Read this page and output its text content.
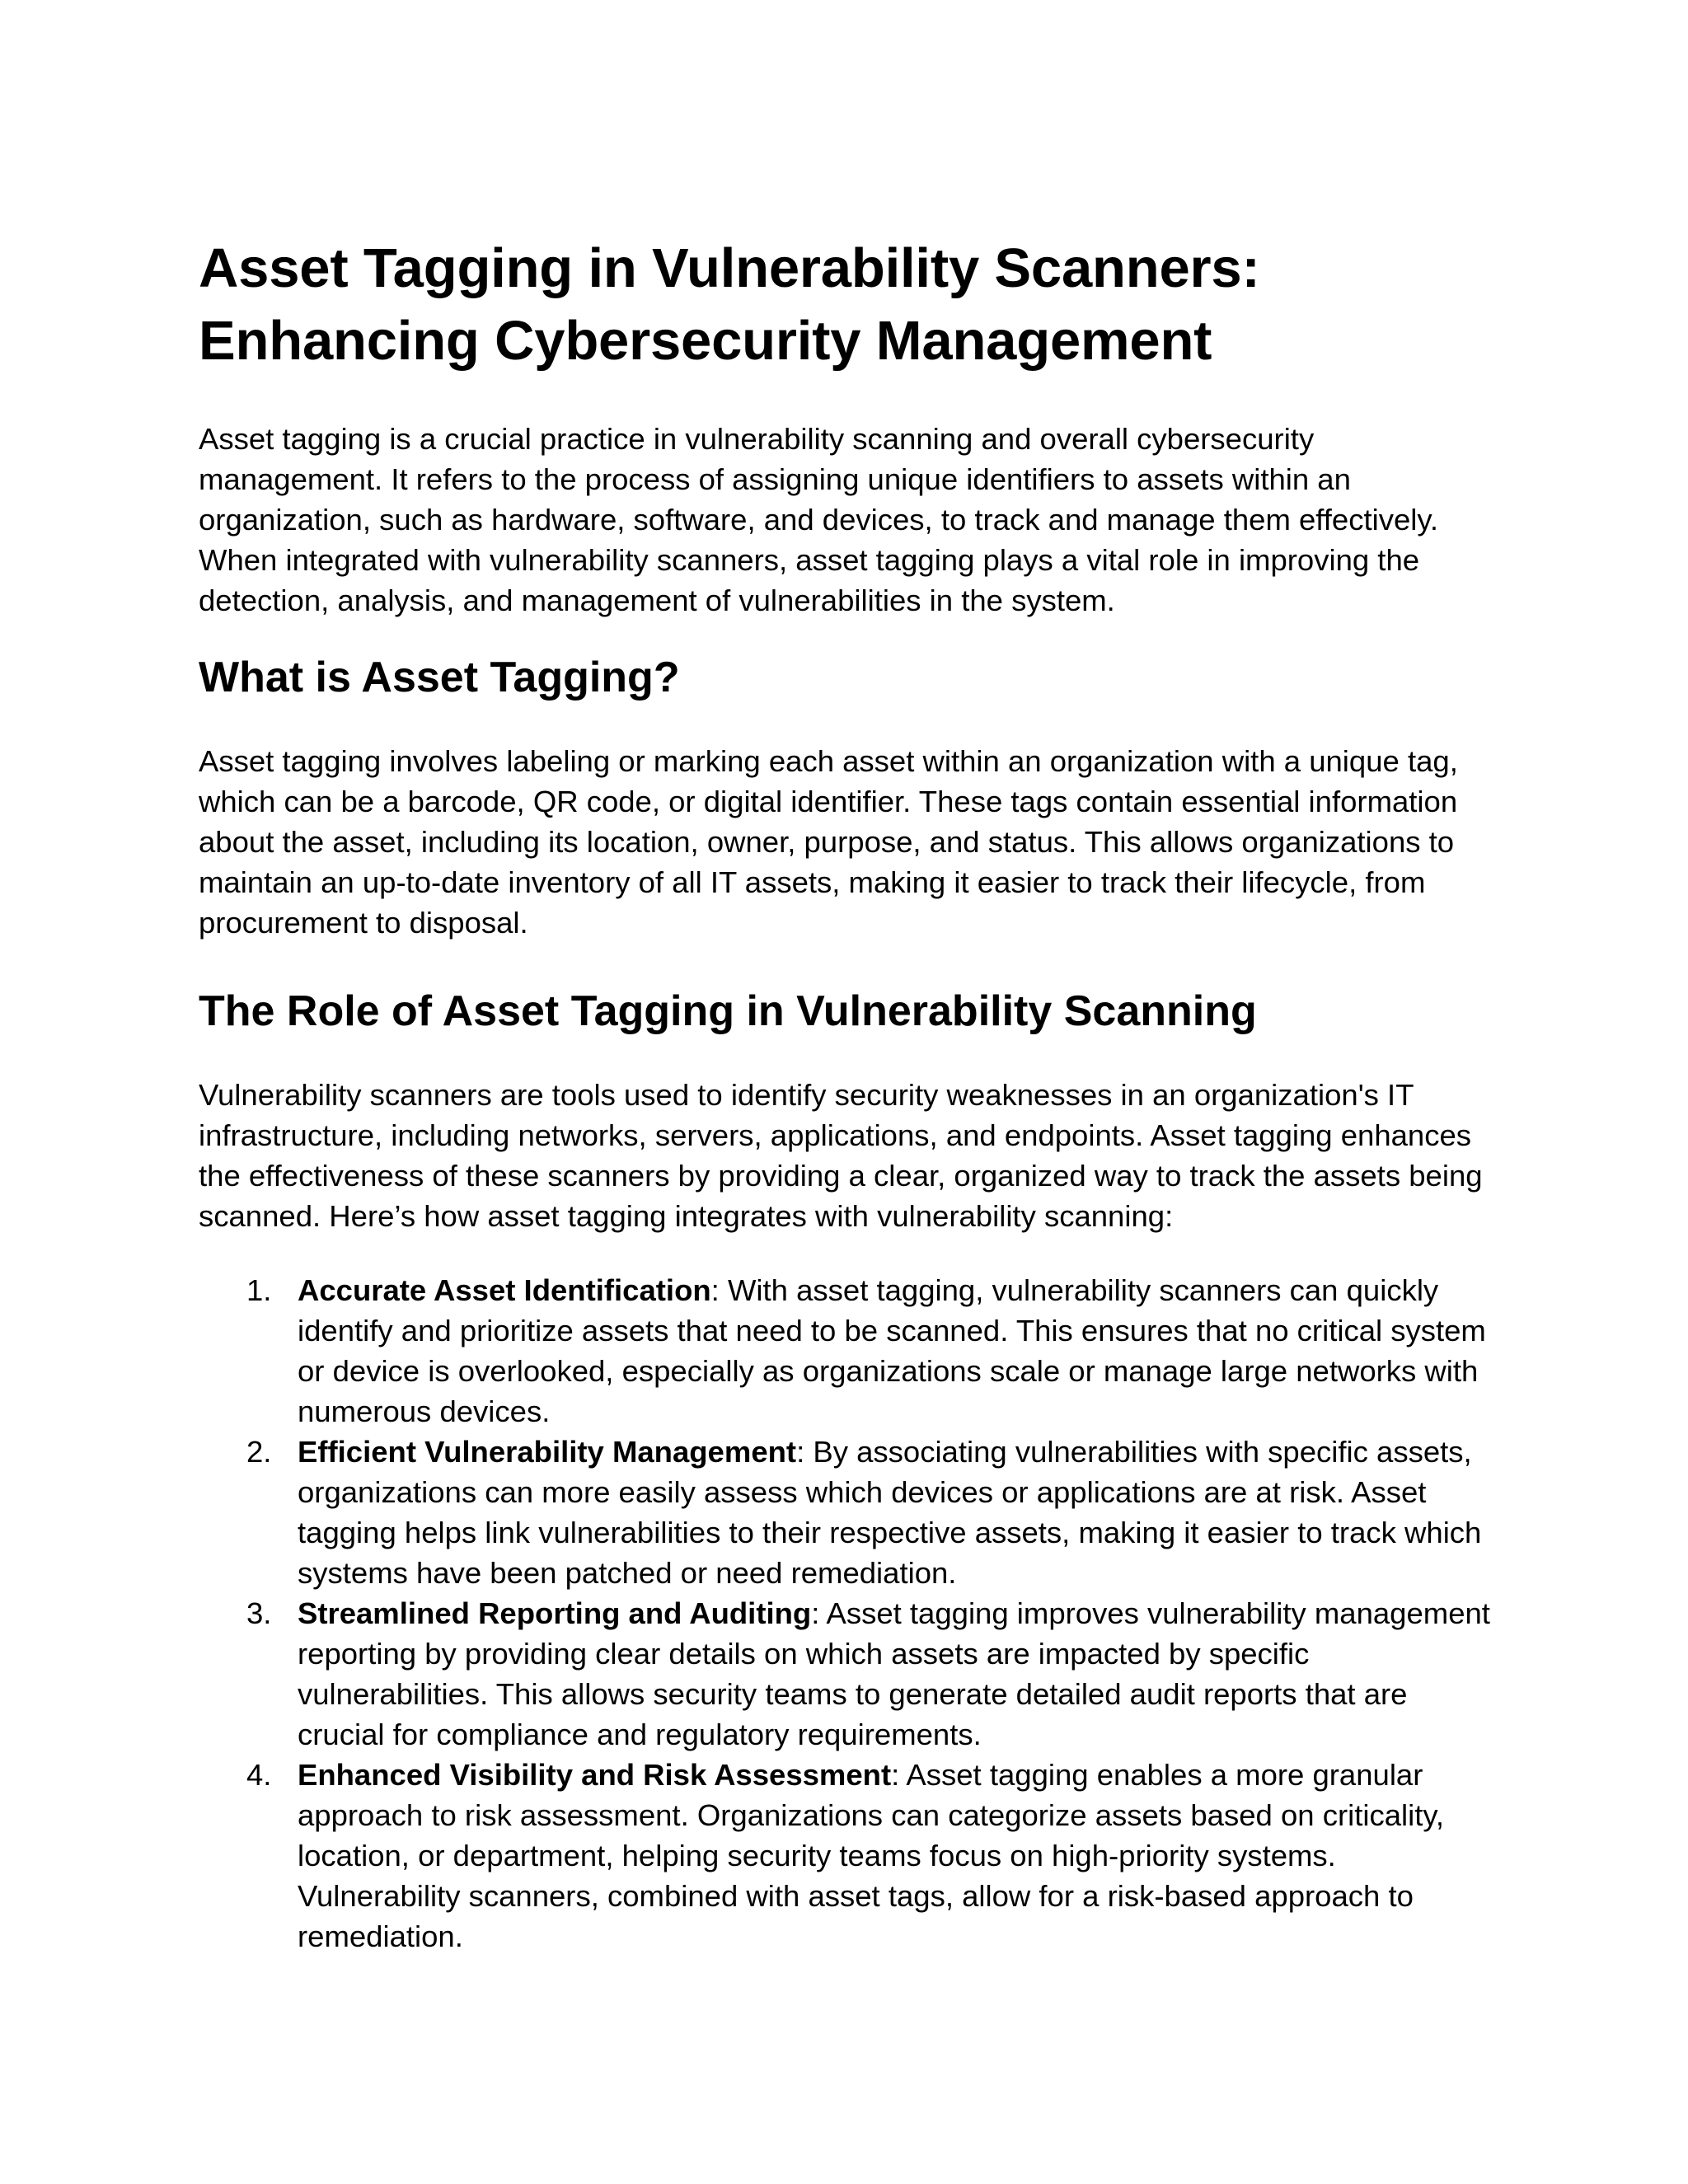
Asset Tagging in Vulnerability Scanners:
Enhancing Cybersecurity Management

Asset tagging is a crucial practice in vulnerability scanning and overall cybersecurity management. It refers to the process of assigning unique identifiers to assets within an organization, such as hardware, software, and devices, to track and manage them effectively. When integrated with vulnerability scanners, asset tagging plays a vital role in improving the detection, analysis, and management of vulnerabilities in the system.

What is Asset Tagging?

Asset tagging involves labeling or marking each asset within an organization with a unique tag, which can be a barcode, QR code, or digital identifier. These tags contain essential information about the asset, including its location, owner, purpose, and status. This allows organizations to maintain an up-to-date inventory of all IT assets, making it easier to track their lifecycle, from procurement to disposal.

The Role of Asset Tagging in Vulnerability Scanning

Vulnerability scanners are tools used to identify security weaknesses in an organization's IT infrastructure, including networks, servers, applications, and endpoints. Asset tagging enhances the effectiveness of these scanners by providing a clear, organized way to track the assets being scanned. Here’s how asset tagging integrates with vulnerability scanning:

1. Accurate Asset Identification: With asset tagging, vulnerability scanners can quickly identify and prioritize assets that need to be scanned. This ensures that no critical system or device is overlooked, especially as organizations scale or manage large networks with numerous devices.
2. Efficient Vulnerability Management: By associating vulnerabilities with specific assets, organizations can more easily assess which devices or applications are at risk. Asset tagging helps link vulnerabilities to their respective assets, making it easier to track which systems have been patched or need remediation.
3. Streamlined Reporting and Auditing: Asset tagging improves vulnerability management reporting by providing clear details on which assets are impacted by specific vulnerabilities. This allows security teams to generate detailed audit reports that are crucial for compliance and regulatory requirements.
4. Enhanced Visibility and Risk Assessment: Asset tagging enables a more granular approach to risk assessment. Organizations can categorize assets based on criticality, location, or department, helping security teams focus on high-priority systems. Vulnerability scanners, combined with asset tags, allow for a risk-based approach to remediation.
